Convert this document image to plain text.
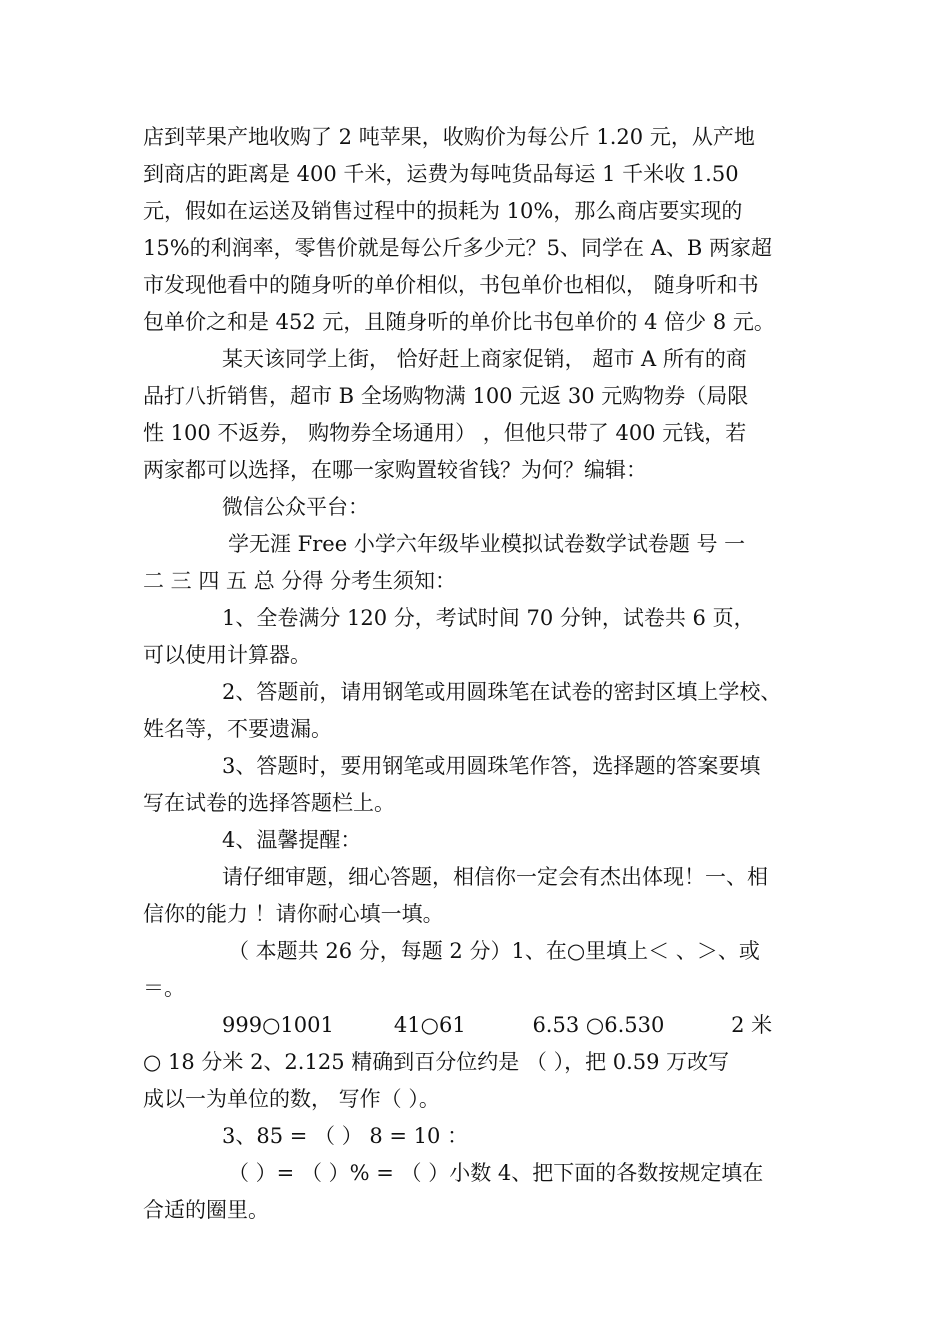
店到苹果产地收购了 2 吨苹果，收购价为每公斤 1.20 元，从产地
到商店的距离是 400 千米，运费为每吨货品每运 1 千米收 1.50
元，假如在运送及销售过程中的损耗为 10%，那么商店要实现的
15%的利润率，零售价就是每公斤多少元？5、同学在 A、B 两家超
市发现他看中的随身听的单价相似，书包单价也相似， 随身听和书
包单价之和是 452 元，且随身听的单价比书包单价的 4 倍少 8 元。
某天该同学上街， 恰好赶上商家促销， 超市 A 所有的商
品打八折销售，超市 B 全场购物满 100 元返 30 元购物券（局限
性 100 不返券， 购物券全场通用） ，但他只带了 400 元钱，若
两家都可以选择，在哪一家购置较省钱？为何？编辑：
微信公众平台：
学无涯 Free 小学六年级毕业模拟试卷数学试卷题 号 一
二 三 四 五 总 分得 分考生须知：
1、全卷满分 120 分，考试时间 70 分钟，试卷共 6 页，
可以使用计算器。
2、答题前，请用钢笔或用圆珠笔在试卷的密封区填上学校、
姓名等，不要遗漏。
3、答题时，要用钢笔或用圆珠笔作答，选择题的答案要填
写在试卷的选择答题栏上。
4、温馨提醒：
请仔细审题，细心答题，相信你一定会有杰出体现！一、相
信你的能力 ！请你耐心填一填。
（ 本题共 26 分，每题 2 分）1、在○里填上＜ 、＞、或
＝。
999○1001         41○61          6.53 ○6.530          2 米
○ 18 分米 2、2.125 精确到百分位约是 （ ），把 0.59 万改写
成以一为单位的数， 写作（ ）。
3、85 = （ ） 8 = 10 ：
（ ）= （ ）% = （ ）小数 4、把下面的各数按规定填在
合适的圈里。
